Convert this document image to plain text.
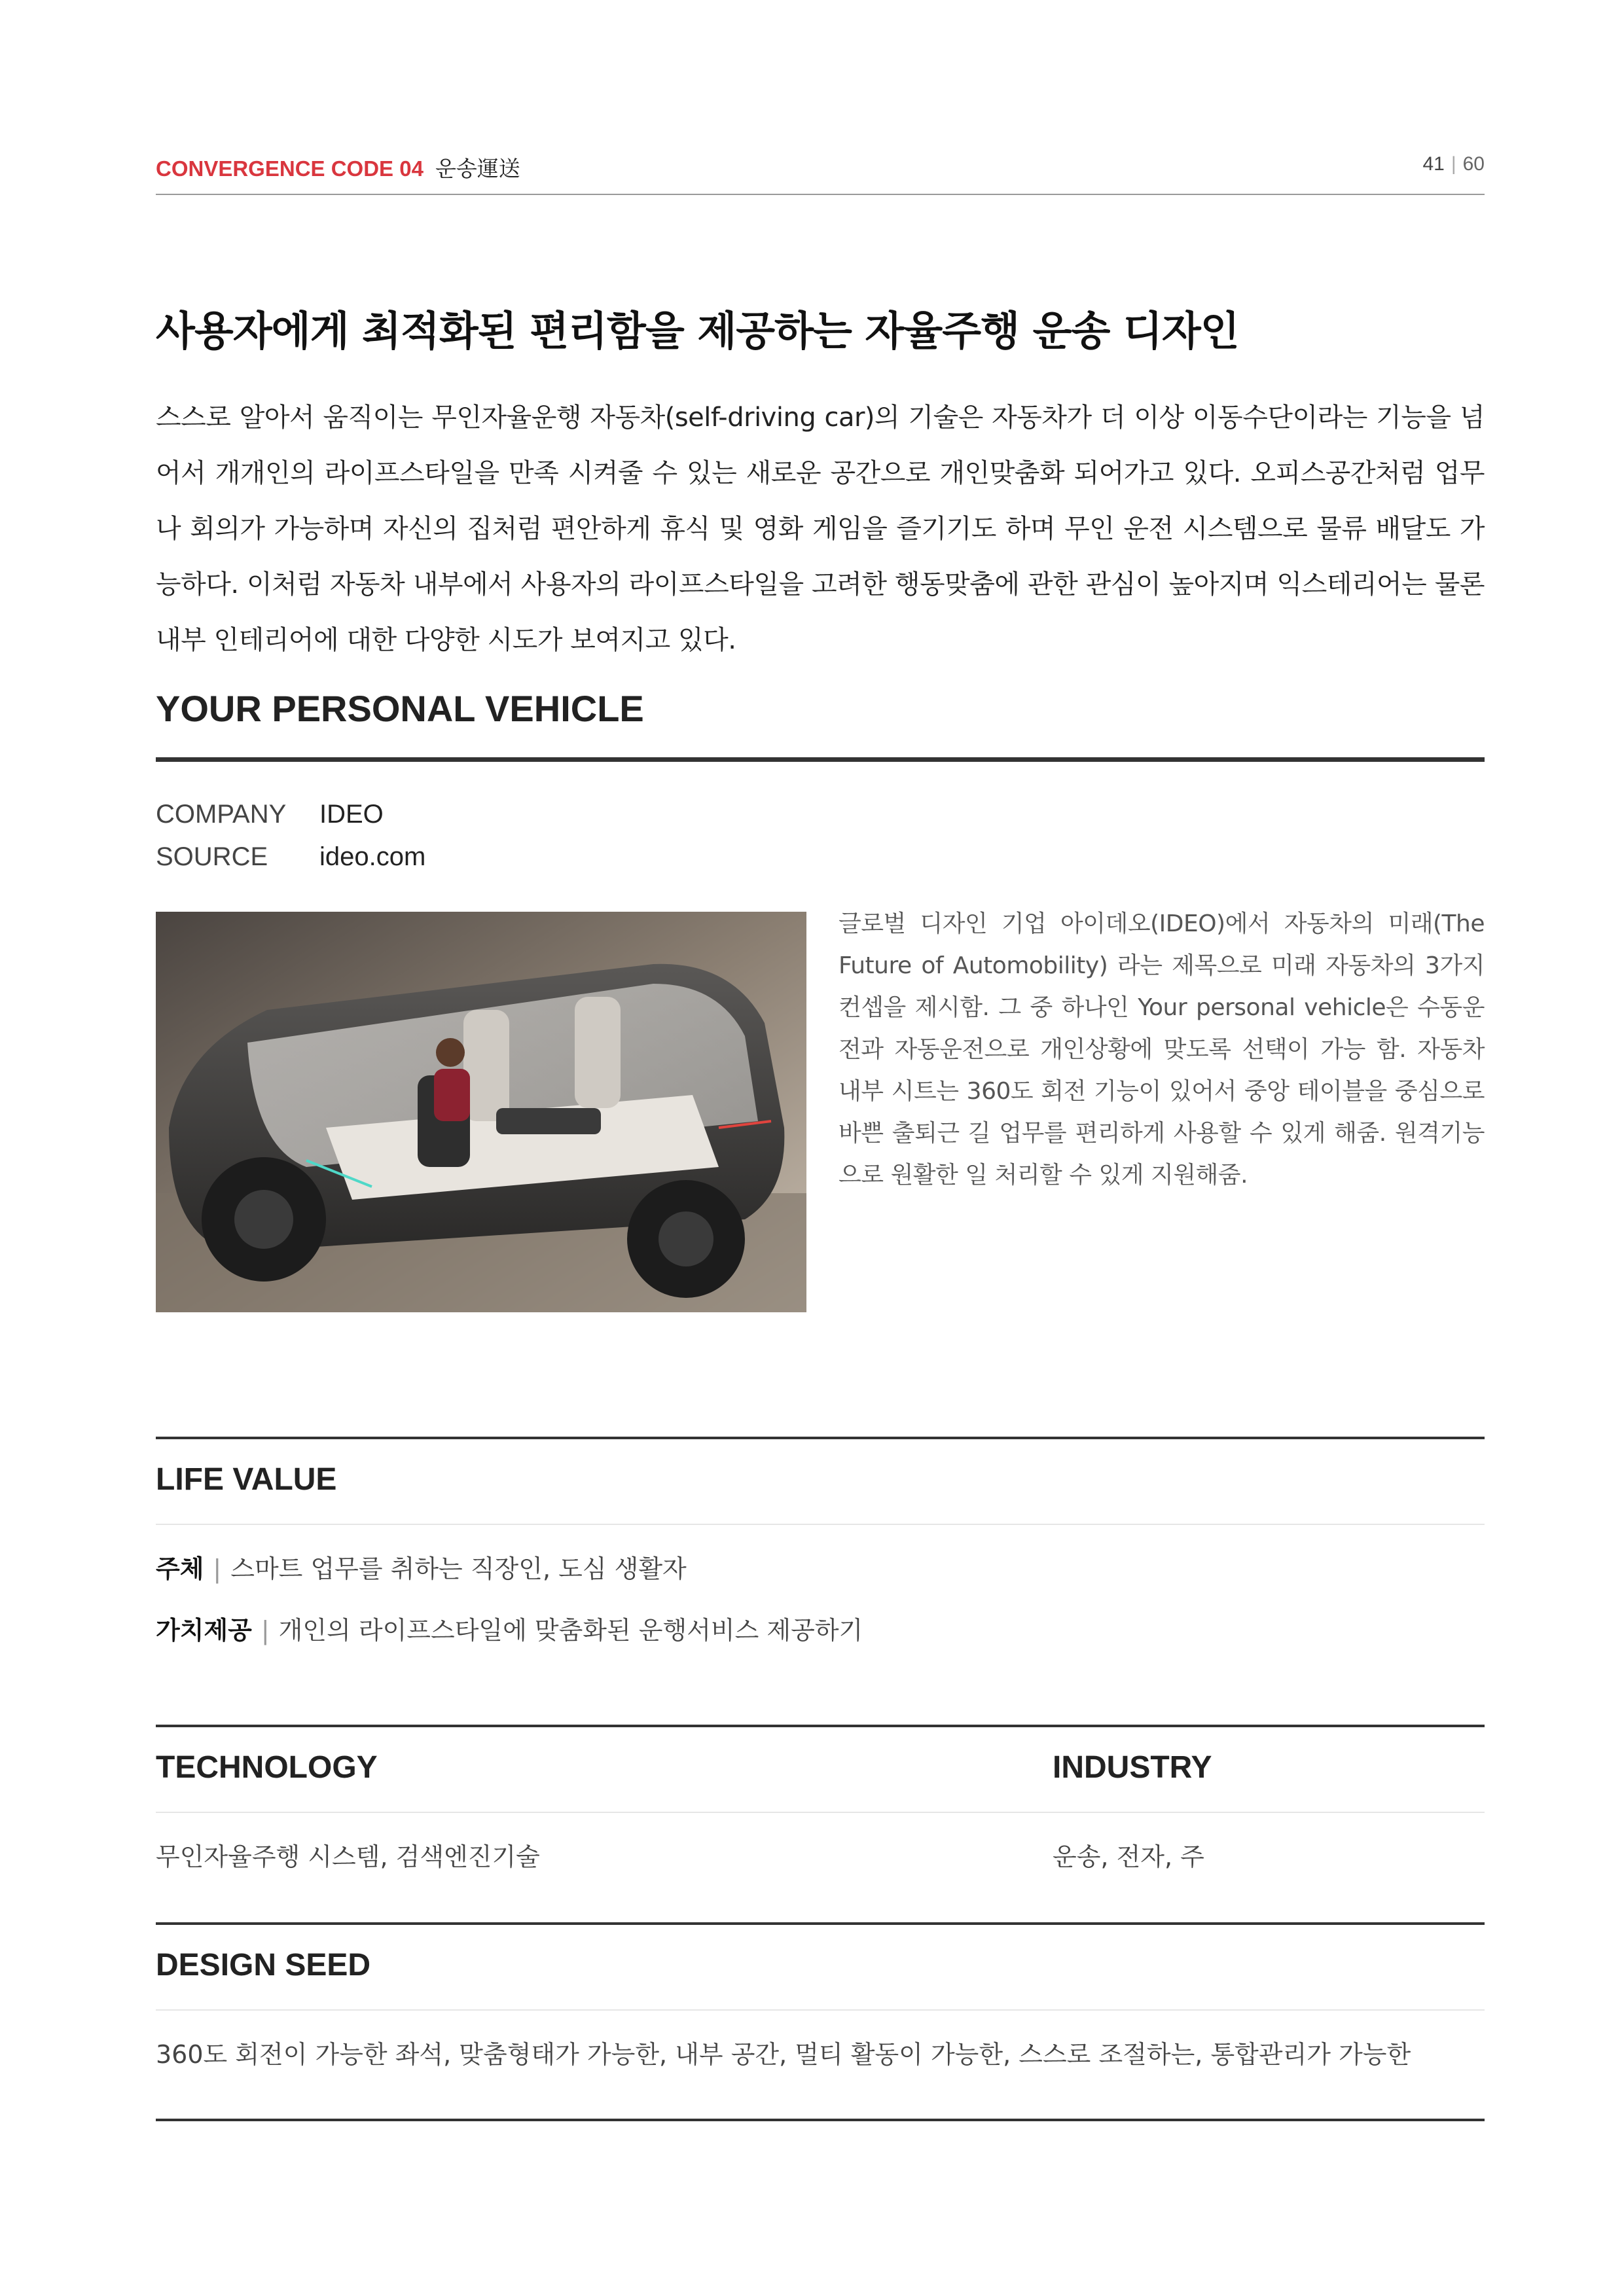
CONVERGENCE CODE 04 운송運送	41 | 60
사용자에게 최적화된 편리함을 제공하는 자율주행 운송 디자인
스스로 알아서 움직이는 무인자율운행 자동차(self-driving car)의 기술은 자동차가 더 이상 이동수단이라는 기능을 넘어서 개개인의 라이프스타일을 만족 시켜줄 수 있는 새로운 공간으로 개인맞춤화 되어가고 있다. 오피스공간처럼 업무나 회의가 가능하며 자신의 집처럼 편안하게 휴식 및 영화 게임을 즐기기도 하며 무인 운전 시스템으로 물류 배달도 가능하다. 이처럼 자동차 내부에서 사용자의 라이프스타일을 고려한 행동맞춤에 관한 관심이 높아지며 익스테리어는 물론 내부 인테리어에 대한 다양한 시도가 보여지고 있다.
YOUR PERSONAL VEHICLE
COMPANY IDEO
SOURCE ideo.com
글로벌 디자인 기업 아이데오(IDEO)에서 자동차의 미래(The Future of Automobility) 라는 제목으로 미래 자동차의 3가지 컨셉을 제시함. 그 중 하나인 Your personal vehicle은 수동운전과 자동운전으로 개인상황에 맞도록 선택이 가능 함. 자동차 내부 시트는 360도 회전 기능이 있어서 중앙 테이블을 중심으로 바쁜 출퇴근 길 업무를 편리하게 사용할 수 있게 해줌. 원격기능으로 원활한 일 처리할 수 있게 지원해줌.
LIFE VALUE
주체 | 스마트 업무를 취하는 직장인, 도심 생활자
가치제공 | 개인의 라이프스타일에 맞춤화된 운행서비스 제공하기
TECHNOLOGY	INDUSTRY
무인자율주행 시스템, 검색엔진기술	운송, 전자, 주
DESIGN SEED
360도 회전이 가능한 좌석, 맞춤형태가 가능한, 내부 공간, 멀티 활동이 가능한, 스스로 조절하는, 통합관리가 가능한
